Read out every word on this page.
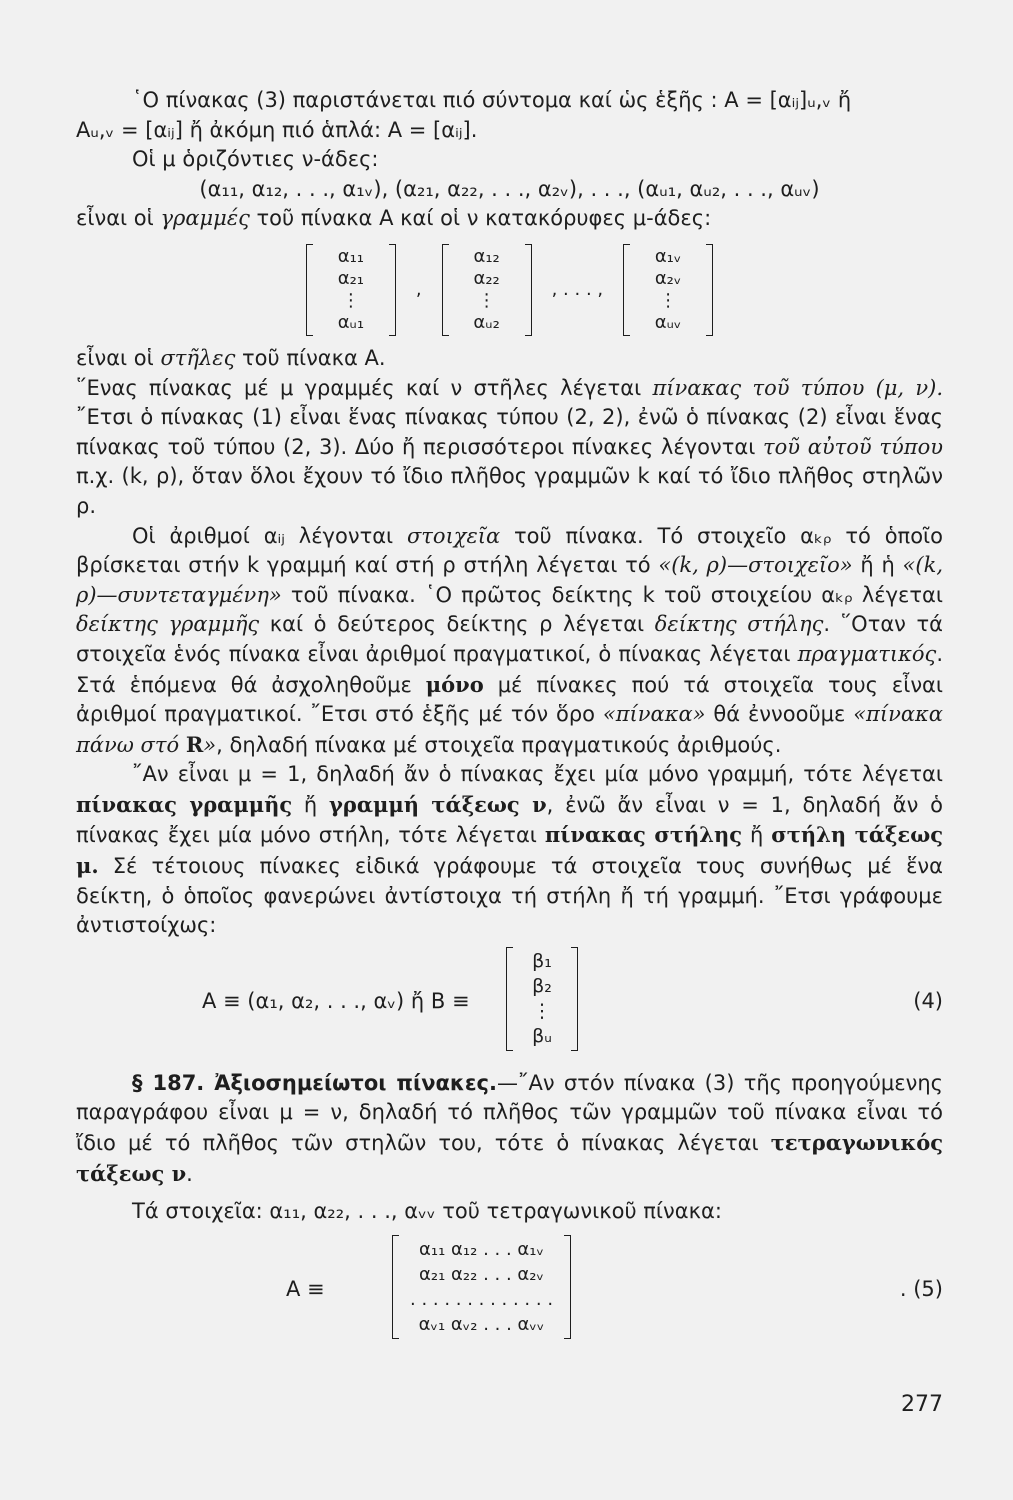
῾Ο πίνακας (3) παριστάνεται πιό σύντομα καί ὡς ἑξῆς : Α = [αᵢⱼ]ᵤ,ᵥ ἤ

Αᵤ,ᵥ = [αᵢⱼ] ἤ ἀκόμη πιό ἁπλά: Α = [αᵢⱼ].

Οἱ μ ὁριζόντιες ν-άδες:

(α₁₁, α₁₂, . . ., α₁ᵥ), (α₂₁, α₂₂, . . ., α₂ᵥ), . . ., (αᵤ₁, αᵤ₂, . . ., αᵤᵥ)

εἶναι οἱ γραμμές τοῦ πίνακα Α καί οἱ ν κατακόρυφες μ-άδες:

α₁₁
α₂₁
⋮
αᵤ₁
,
α₁₂
α₂₂
⋮
αᵤ₂
, . . . ,
α₁ᵥ
α₂ᵥ
⋮
αᵤᵥ

εἶναι οἱ στῆλες τοῦ πίνακα Α.
῞Ενας πίνακας μέ μ γραμμές καί ν στῆλες λέγεται πίνακας τοῦ τύπου (μ, ν). ῎Ετσι ὁ πίνακας (1) εἶναι ἕνας πίνακας τύπου (2, 2), ἐνῶ ὁ πίνακας (2) εἶναι ἕνας πίνακας τοῦ τύπου (2, 3). Δύο ἤ περισσότεροι πίνακες λέγονται τοῦ αὐτοῦ τύπου π.χ. (k, ρ), ὅταν ὅλοι ἔχουν τό ἴδιο πλῆθος γραμμῶν k καί τό ἴδιο πλῆθος στηλῶν ρ.

Οἱ ἀριθμοί αᵢⱼ λέγονται στοιχεῖα τοῦ πίνακα. Τό στοιχεῖο αₖᵨ τό ὁποῖο βρίσκεται στήν k γραμμή καί στή ρ στήλη λέγεται τό «(k, ρ)—στοιχεῖο» ἤ ἡ «(k, ρ)—συντεταγμένη» τοῦ πίνακα. ῾Ο πρῶτος δείκτης k τοῦ στοιχείου αₖᵨ λέγεται δείκτης γραμμῆς καί ὁ δεύτερος δείκτης ρ λέγεται δείκτης στήλης. ῞Οταν τά στοιχεῖα ἑνός πίνακα εἶναι ἀριθμοί πραγματικοί, ὁ πίνακας λέγεται πραγματικός. Στά ἑπόμενα θά ἀσχοληθοῦμε μόνο μέ πίνακες πού τά στοιχεῖα τους εἶναι ἀριθμοί πραγματικοί. ῎Ετσι στό ἑξῆς μέ τόν ὅρο «πίνακα» θά ἐννοοῦμε «πίνακα πάνω στό R», δηλαδή πίνακα μέ στοιχεῖα πραγματικούς ἀριθμούς.

῎Αν εἶναι μ = 1, δηλαδή ἄν ὁ πίνακας ἔχει μία μόνο γραμμή, τότε λέγεται πίνακας γραμμῆς ἤ γραμμή τάξεως ν, ἐνῶ ἄν εἶναι ν = 1, δηλαδή ἄν ὁ πίνακας ἔχει μία μόνο στήλη, τότε λέγεται πίνακας στήλης ἤ στήλη τάξεως μ. Σέ τέτοιους πίνακες εἰδικά γράφουμε τά στοιχεῖα τους συνήθως μέ ἕνα δείκτη, ὁ ὁποῖος φανερώνει ἀντίστοιχα τή στήλη ἤ τή γραμμή. ῎Ετσι γράφουμε ἀντιστοίχως:

Α ≡ (α₁, α₂, . . ., αᵥ) ἤ Β ≡
β₁
β₂
⋮
βᵤ
(4)

§ 187. Ἀξιοσημείωτοι πίνακες.—῎Αν στόν πίνακα (3) τῆς προηγούμενης παραγράφου εἶναι μ = ν, δηλαδή τό πλῆθος τῶν γραμμῶν τοῦ πίνακα εἶναι τό ἴδιο μέ τό πλῆθος τῶν στηλῶν του, τότε ὁ πίνακας λέγεται τετραγωνικός τάξεως ν.

Τά στοιχεῖα: α₁₁, α₂₂, . . ., αᵥᵥ τοῦ τετραγωνικοῦ πίνακα:

Α ≡
α₁₁ α₁₂ . . . α₁ᵥ
α₂₁ α₂₂ . . . α₂ᵥ
. . . . . . . . . . . . .
αᵥ₁ αᵥ₂ . . . αᵥᵥ
. (5)
277
